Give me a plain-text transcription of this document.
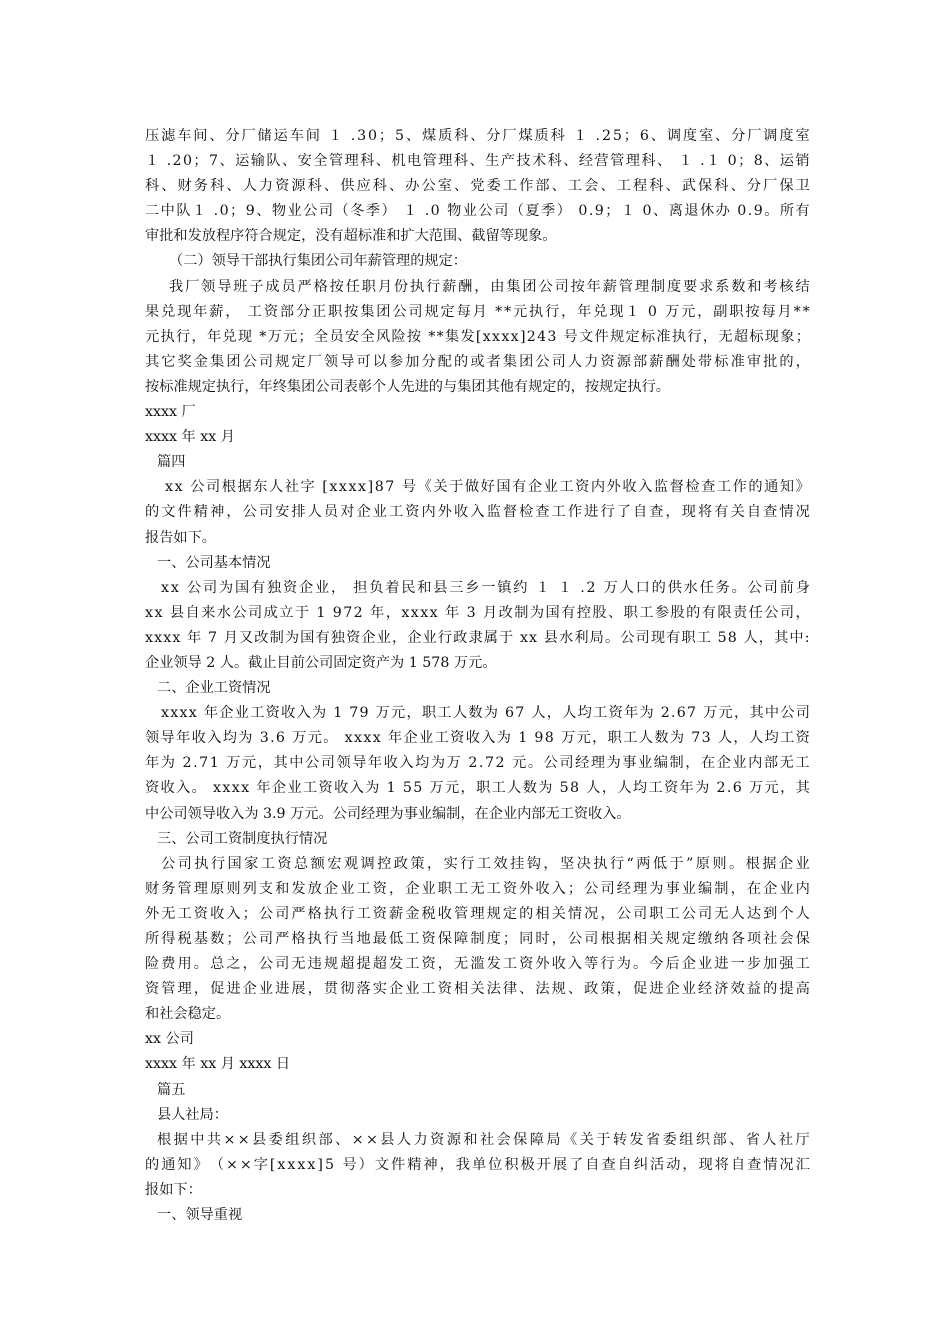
压 滤 车 间 、 分 厂 储 运 车 间
１
. 3 0 ； 5 、 煤 质 科 、 分 厂 煤 质 科
１
. 2 5 ； 6 、 调 度 室 、 分 厂 调 度 室
１
. 2 0 ； 7 、 运 输 队 、 安 全 管 理 科 、 机 电 管 理 科 、 生 产 技 术 科 、 经 营 管 理 科 、
１
. １
0 ； 8 、 运 销
科 、 财 务 科 、 人 力 资 源 科 、 供 应 科 、 办 公 室 、 党 委 工 作 部 、 工 会 、 工 程 科 、 武 保 科 、 分 厂 保 卫
二 中 队 １
. 0 ； 9 、 物 业 公 司 （ 冬 季 ）
１
. 0
物 业 公 司 （ 夏 季 ）
0 . 9 ； １
0 、 离 退 休 办
0 . 9 。 所 有
审批和发放程序符合规定，没有超标准和扩大范围、截留等现象。
（二）领导干部执行集团公司年薪管理的规定：
我 厂 领 导 班 子 成 员 严 格 按 任 职 月 份 执 行 薪 酬 ， 由 集 团 公 司 按 年 薪 管 理 制 度 要 求 系 数 和 考 核 结
果 兑 现 年 薪 ，
工 资 部 分 正 职 按 集 团 公 司 规 定 每 月
* * 元 执 行 ， 年 兑 现 １
0
万 元 ， 副 职 按 每 月 * *
元 执 行 ， 年 兑 现
* 万 元 ； 全 员 安 全 风 险 按
* * 集 发 [ x x x x ] 2 4 3
号 文 件 规 定 标 准 执 行 ， 无 超 标 现 象 ；
其 它 奖 金 集 团 公 司 规 定 厂 领 导 可 以 参 加 分 配 的 或 者 集 团 公 司 人 力 资 源 部 薪 酬 处 带 标 准 审 批 的 ，
按标准规定执行，年终集团公司表彰个人先进的与集团其他有规定的，按规定执行。
xxxx 厂
xxxx 年 xx 月
篇四
x x
公 司 根 据 东 人 社 字
[ x x x x ] 8 7
号 《 关 于 做 好 国 有 企 业 工 资 内 外 收 入 监 督 检 查 工 作 的 通 知 》
的 文 件 精 神 ， 公 司 安 排 人 员 对 企 业 工 资 内 外 收 入 监 督 检 查 工 作 进 行 了 自 查 ， 现 将 有 关 自 查 情 况
报告如下。
一、公司基本情况
x x
公 司 为 国 有 独 资 企 业 ，
担 负 着 民 和 县 三 乡 一 镇 约
１
１
. 2
万 人 口 的 供 水 任 务 。 公 司 前 身
x x
县 自 来 水 公 司 成 立 于
1
9 7 2
年 ， x x x x
年
3
月 改 制 为 国 有 控 股 、 职 工 参 股 的 有 限 责 任 公 司 ，
x x x x
年
7
月 又 改 制 为 国 有 独 资 企 业 ， 企 业 行 政 隶 属 于
x x
县 水 利 局 。 公 司 现 有 职 工
5 8
人 ， 其 中 :
企业领导 2 人。截止目前公司固定资产为 1 578 万元。
二、企业工资情况
x x x x
年 企 业 工 资 收 入 为
1
7 9
万 元 ， 职 工 人 数 为
6 7
人 ， 人 均 工 资 年 为
2 . 6 7
万 元 ， 其 中 公 司
领 导 年 收 入 均 为
3 . 6
万 元 。
x x x x
年 企 业 工 资 收 入 为
1
9 8
万 元 ， 职 工 人 数 为
7 3
人 ， 人 均 工 资
年 为
2 . 7 1
万 元 ， 其 中 公 司 领 导 年 收 入 均 为 万
2 . 7 2
元 。 公 司 经 理 为 事 业 编 制 ， 在 企 业 内 部 无 工
资 收 入 。
x x x x
年 企 业 工 资 收 入 为
1
5 5
万 元 ， 职 工 人 数 为
5 8
人 ， 人 均 工 资 年 为
2 . 6
万 元 ， 其
中公司领导收入为 3.9 万元。公司经理为事业编制，在企业内部无工资收入。
三、公司工资制度执行情况
公 司 执 行 国 家 工 资 总 额 宏 观 调 控 政 策 ， 实 行 工 效 挂 钩 ， 坚 决 执 行 “ 两 低 于 ” 原 则 。 根 据 企 业
财 务 管 理 原 则 列 支 和 发 放 企 业 工 资 ， 企 业 职 工 无 工 资 外 收 入 ； 公 司 经 理 为 事 业 编 制 ， 在 企 业 内
外 无 工 资 收 入 ； 公 司 严 格 执 行 工 资 薪 金 税 收 管 理 规 定 的 相 关 情 况 ， 公 司 职 工 公 司 无 人 达 到 个 人
所 得 税 基 数 ； 公 司 严 格 执 行 当 地 最 低 工 资 保 障 制 度 ； 同 时 ， 公 司 根 据 相 关 规 定 缴 纳 各 项 社 会 保
险 费 用 。 总 之 ， 公 司 无 违 规 超 提 超 发 工 资 ， 无 滥 发 工 资 外 收 入 等 行 为 。 今 后 企 业 进 一 步 加 强 工
资 管 理 ， 促 进 企 业 进 展 ， 贯 彻 落 实 企 业 工 资 相 关 法 律 、 法 规 、 政 策 ， 促 进 企 业 经 济 效 益 的 提 高
和社会稳定。
xx 公司
xxxx 年 xx 月 xxxx 日
篇五
县人社局：
根 据 中 共 × × 县 委 组 织 部 、 × × 县 人 力 资 源 和 社 会 保 障 局 《 关 于 转 发 省 委 组 织 部 、 省 人 社 厅
的 通 知 》 （ × × 字 [ x x x x ] 5
号 ） 文 件 精 神 ， 我 单 位 积 极 开 展 了 自 查 自 纠 活 动 ， 现 将 自 查 情 况 汇
报如下：
一、领导重视
